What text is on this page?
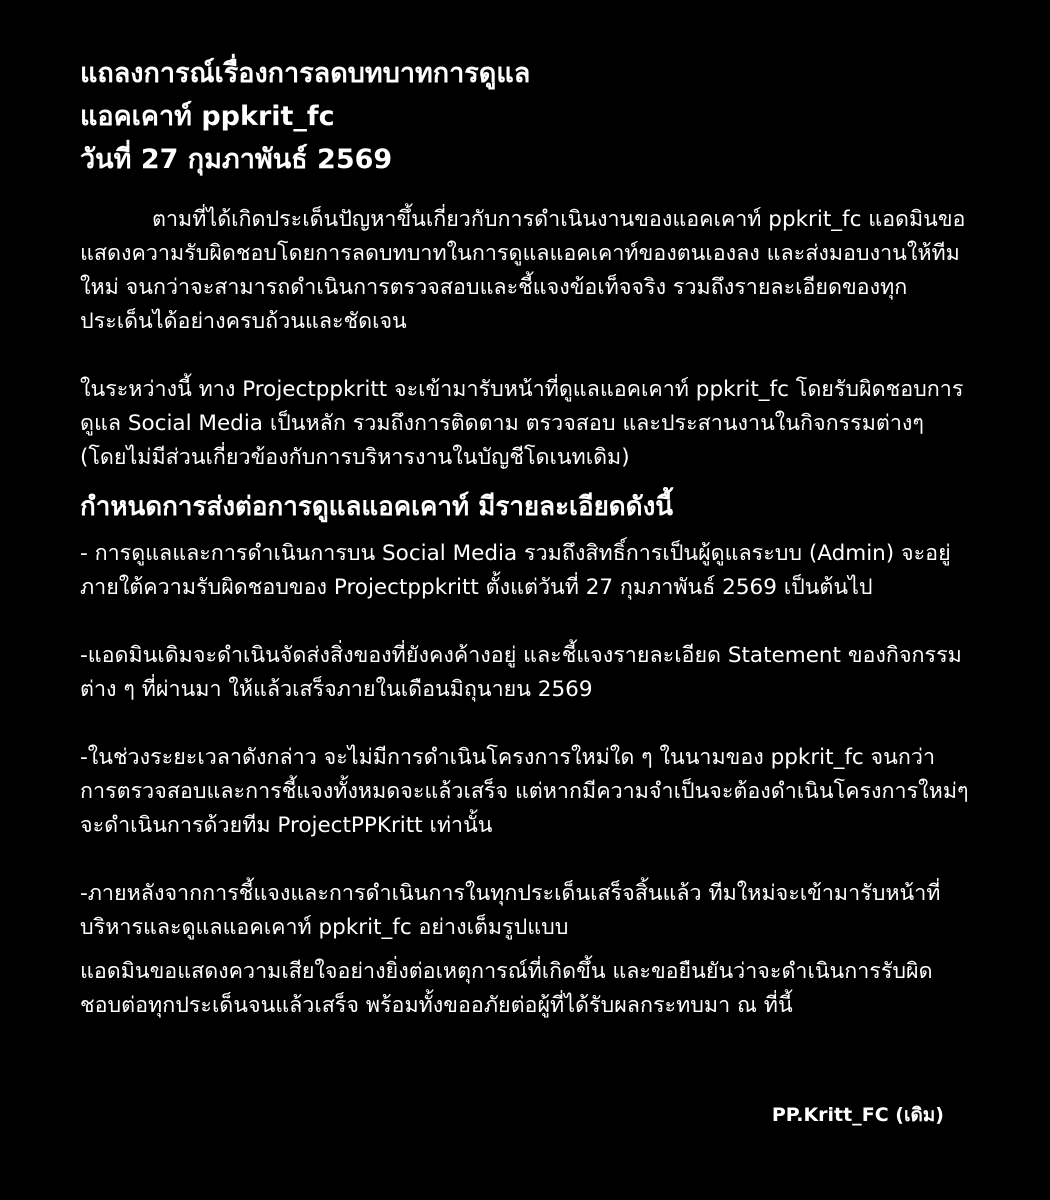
แถลงการณ์เรื่องการลดบทบาทการดูแล
แอคเคาท์ ppkrit_fc
วันที่ 27 กุมภาพันธ์ 2569

ตามที่ได้เกิดประเด็นปัญหาขึ้นเกี่ยวกับการดำเนินงานของแอคเคาท์ ppkrit_fc แอดมินขอแสดงความรับผิดชอบโดยการลดบทบาทในการดูแลแอคเคาท์ของตนเองลง และส่งมอบงานให้ทีมใหม่ จนกว่าจะสามารถดำเนินการตรวจสอบและชี้แจงข้อเท็จจริง รวมถึงรายละเอียดของทุกประเด็นได้อย่างครบถ้วนและชัดเจน

ในระหว่างนี้ ทาง Projectppkritt จะเข้ามารับหน้าที่ดูแลแอคเคาท์ ppkrit_fc โดยรับผิดชอบการดูแล Social Media เป็นหลัก รวมถึงการติดตาม ตรวจสอบ และประสานงานในกิจกรรมต่างๆ (โดยไม่มีส่วนเกี่ยวข้องกับการบริหารงานในบัญชีโดเนทเดิม)

กำหนดการส่งต่อการดูแลแอคเคาท์ มีรายละเอียดดังนี้

- การดูแลและการดำเนินการบน Social Media รวมถึงสิทธิ์การเป็นผู้ดูแลระบบ (Admin) จะอยู่ภายใต้ความรับผิดชอบของ Projectppkritt ตั้งแต่วันที่ 27 กุมภาพันธ์ 2569 เป็นต้นไป

-แอดมินเดิมจะดำเนินจัดส่งสิ่งของที่ยังคงค้างอยู่ และชี้แจงรายละเอียด Statement ของกิจกรรมต่าง ๆ ที่ผ่านมา ให้แล้วเสร็จภายในเดือนมิถุนายน 2569

-ในช่วงระยะเวลาดังกล่าว จะไม่มีการดำเนินโครงการใหม่ใด ๆ ในนามของ ppkrit_fc จนกว่าการตรวจสอบและการชี้แจงทั้งหมดจะแล้วเสร็จ แต่หากมีความจำเป็นจะต้องดำเนินโครงการใหม่ๆ จะดำเนินการด้วยทีม ProjectPPKritt เท่านั้น

-ภายหลังจากการชี้แจงและการดำเนินการในทุกประเด็นเสร็จสิ้นแล้ว ทีมใหม่จะเข้ามารับหน้าที่บริหารและดูแลแอคเคาท์ ppkrit_fc อย่างเต็มรูปแบบ

แอดมินขอแสดงความเสียใจอย่างยิ่งต่อเหตุการณ์ที่เกิดขึ้น และขอยืนยันว่าจะดำเนินการรับผิดชอบต่อทุกประเด็นจนแล้วเสร็จ พร้อมทั้งขออภัยต่อผู้ที่ได้รับผลกระทบมา ณ ที่นี้

PP.Kritt_FC (เดิม)
